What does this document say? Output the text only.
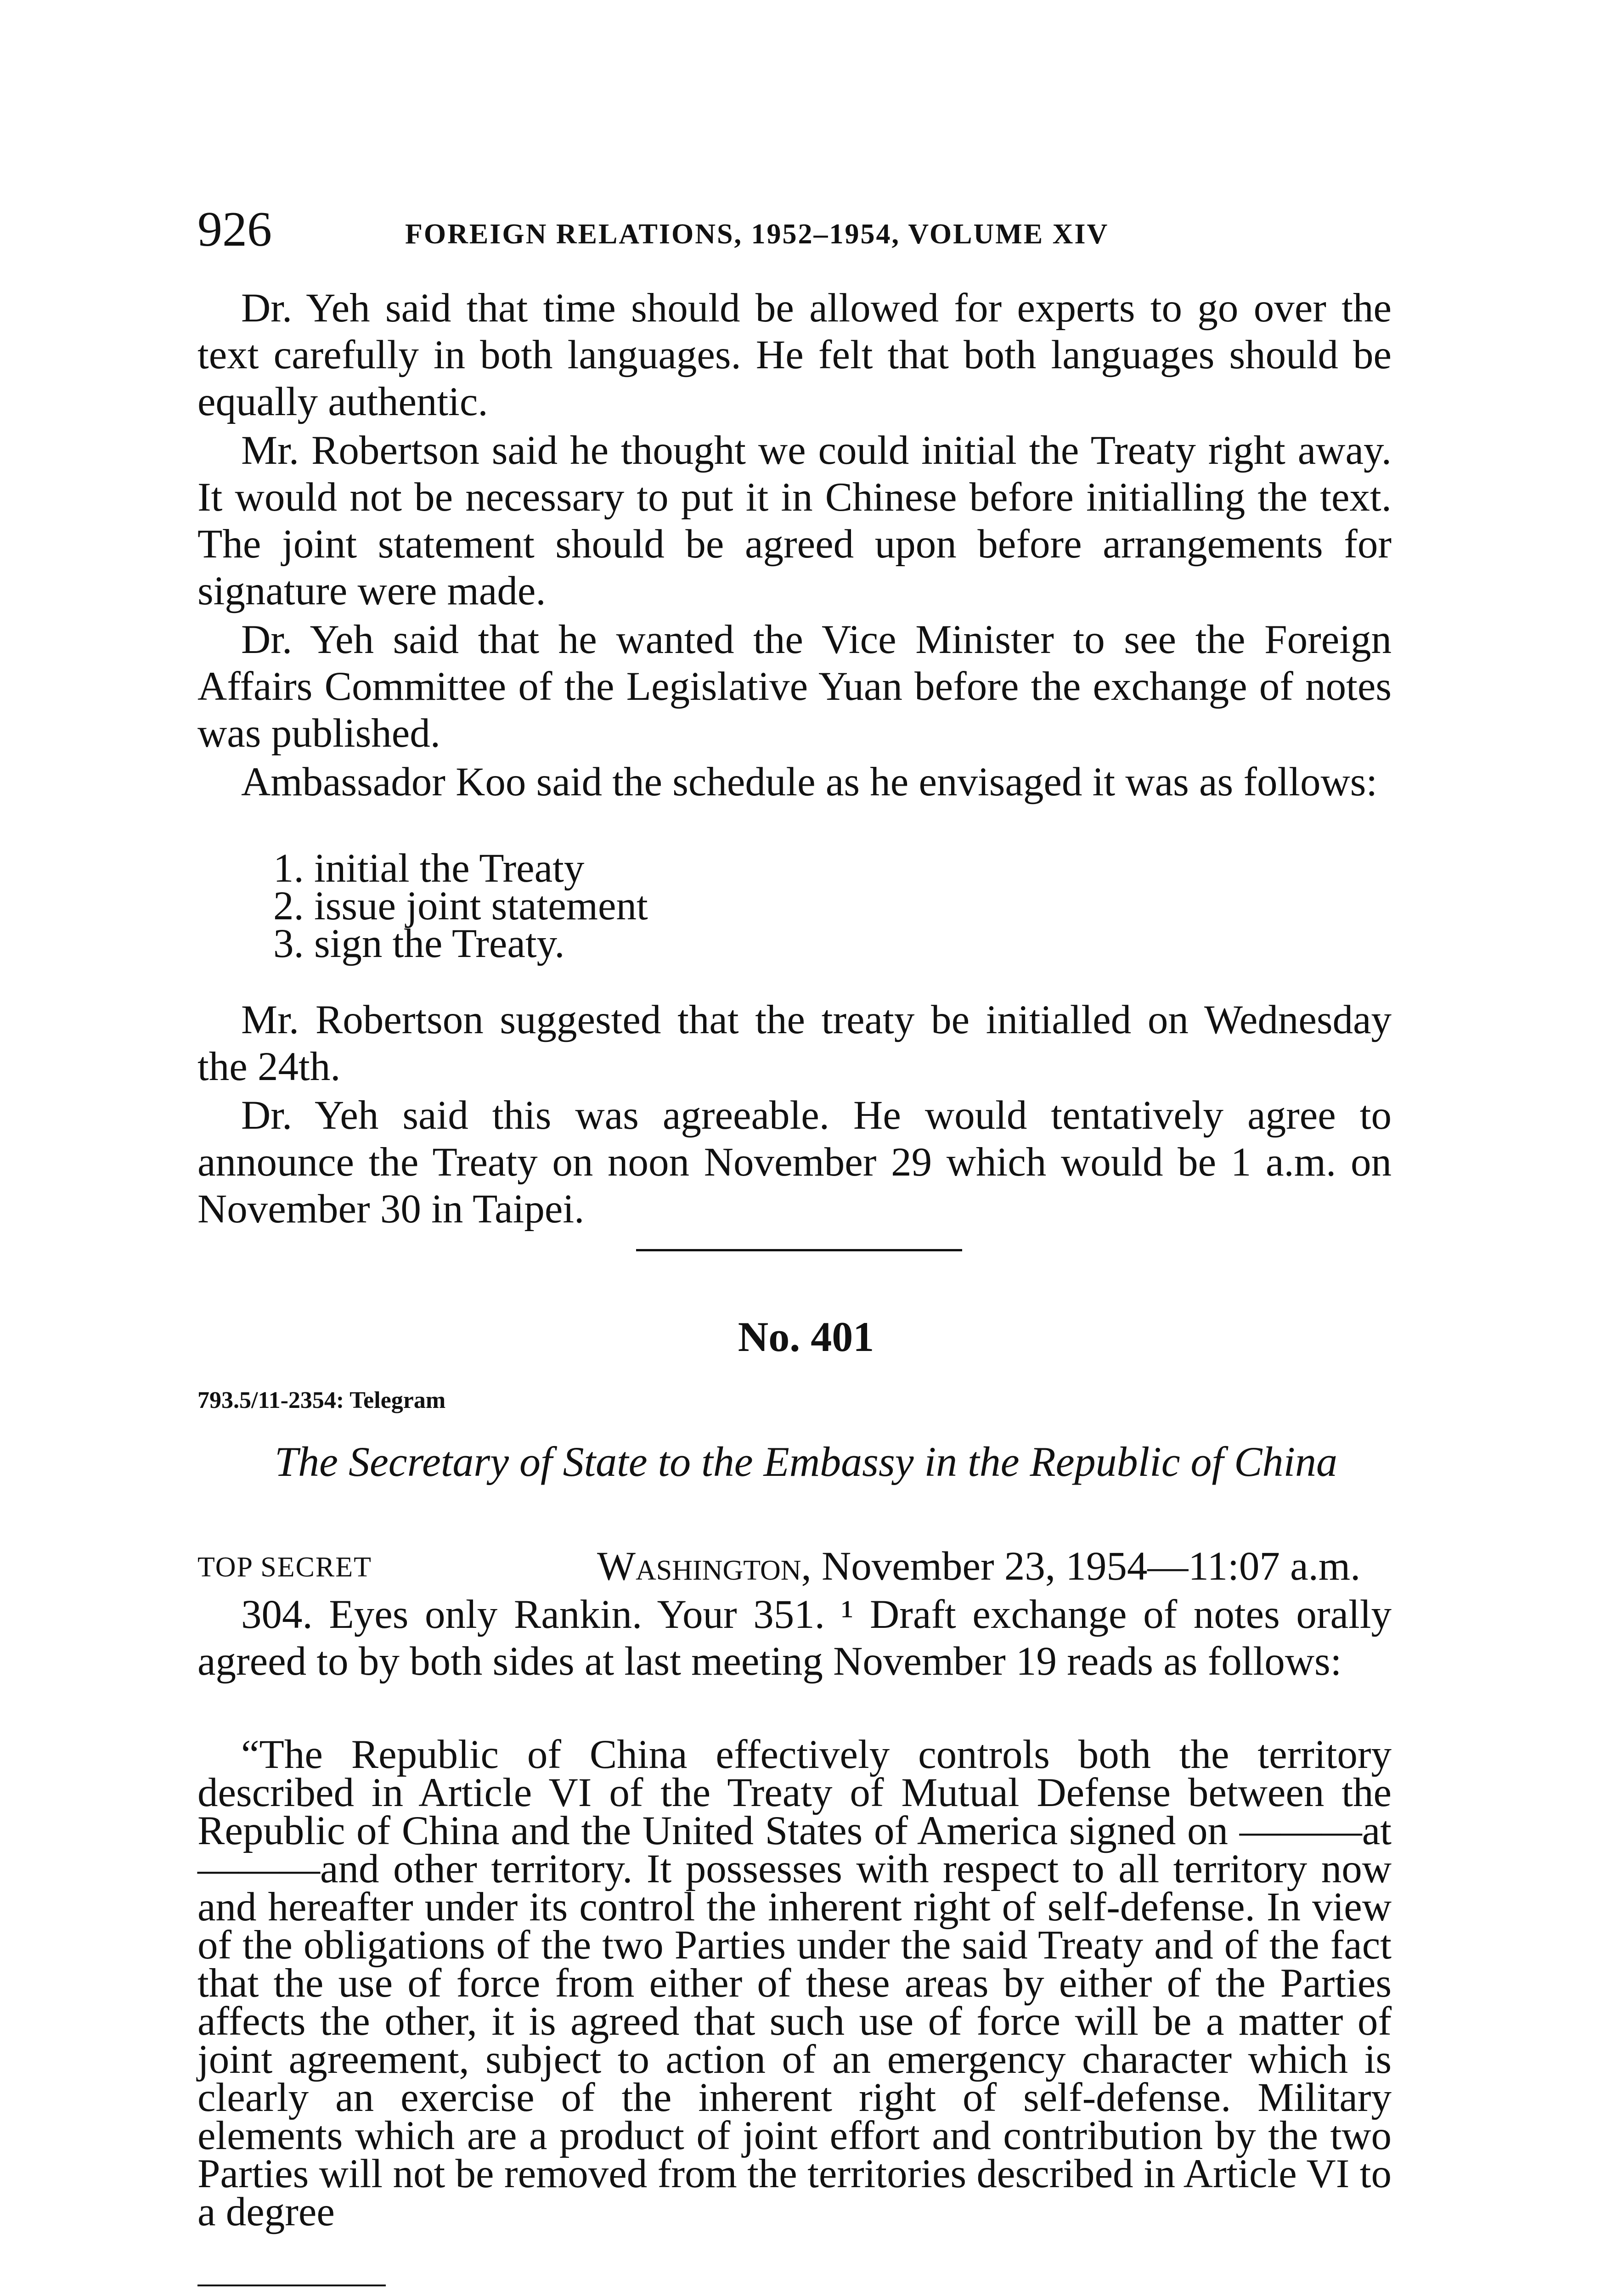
926	FOREIGN RELATIONS, 1952–1954, VOLUME XIV

Dr. Yeh said that time should be allowed for experts to go over the text carefully in both languages. He felt that both languages should be equally authentic.

Mr. Robertson said he thought we could initial the Treaty right away. It would not be necessary to put it in Chinese before initialling the text. The joint statement should be agreed upon before arrangements for signature were made.

Dr. Yeh said that he wanted the Vice Minister to see the Foreign Affairs Committee of the Legislative Yuan before the exchange of notes was published.

Ambassador Koo said the schedule as he envisaged it was as follows:

1. initial the Treaty
2. issue joint statement
3. sign the Treaty.

Mr. Robertson suggested that the treaty be initialled on Wednesday the 24th.

Dr. Yeh said this was agreeable. He would tentatively agree to announce the Treaty on noon November 29 which would be 1 a.m. on November 30 in Taipei.

No. 401
793.5/11-2354: Telegram
The Secretary of State to the Embassy in the Republic of China
TOP SECRET	Washington, November 23, 1954—11:07 a.m.

304. Eyes only Rankin. Your 351. ¹ Draft exchange of notes orally agreed to by both sides at last meeting November 19 reads as follows:

“The Republic of China effectively controls both the territory described in Article VI of the Treaty of Mutual Defense between the Republic of China and the United States of America signed on ———at———and other territory. It possesses with respect to all territory now and hereafter under its control the inherent right of self-defense. In view of the obligations of the two Parties under the said Treaty and of the fact that the use of force from either of these areas by either of the Parties affects the other, it is agreed that such use of force will be a matter of joint agreement, subject to action of an emergency character which is clearly an exercise of the inherent right of self-defense. Military elements which are a product of joint effort and contribution by the two Parties will not be removed from the territories described in Article VI to a degree
